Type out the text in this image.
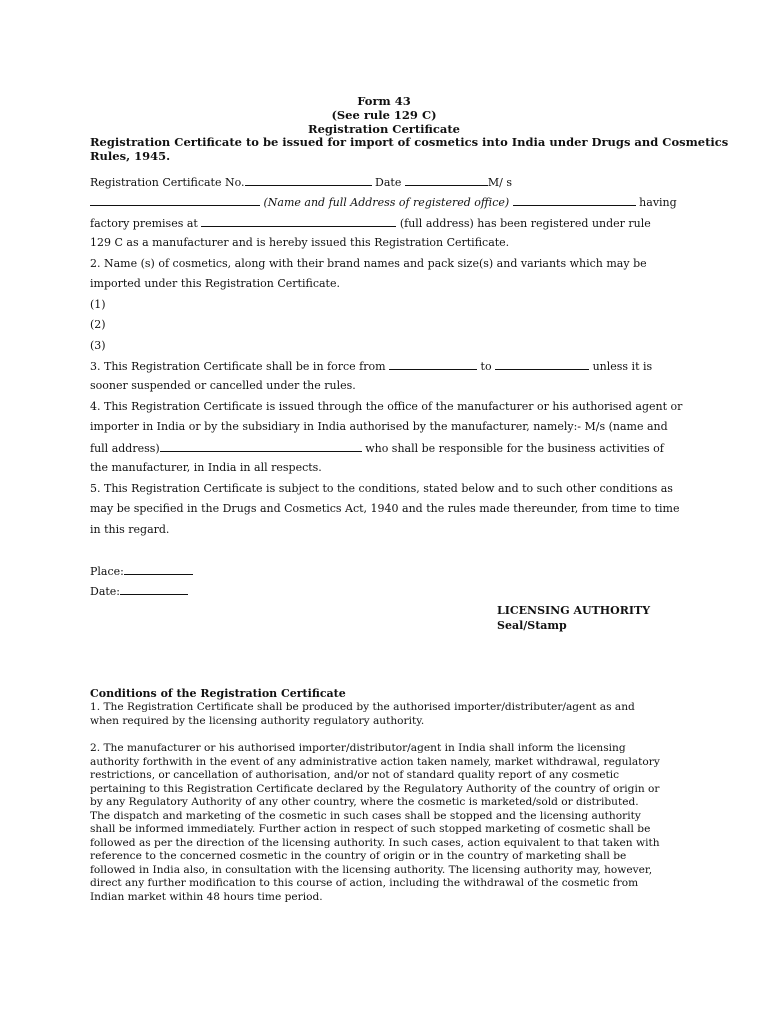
Form 43
(See rule 129 C)
Registration Certificate
Registration Certificate to be issued for import of cosmetics into India under Drugs and Cosmetics
Rules, 1945.
Registration Certificate No.	Date	M/ s
(Name and full Address of registered office)	having
factory premises at	(full address) has been registered under rule
129 C as a manufacturer and is hereby issued this Registration Certificate.
2. Name (s) of cosmetics, along with their brand names and pack size(s) and variants which may be
imported under this Registration Certificate.
(1)
(2)
(3)
3. This Registration Certificate shall be in force from	to	unless it is
sooner suspended or cancelled under the rules.
4. This Registration Certificate is issued through the office of the manufacturer or his authorised agent or
importer in India or by the subsidiary in India authorised by the manufacturer, namely:- M/s (name and
full address)	who shall be responsible for the business activities of
the manufacturer, in India in all respects.
5. This Registration Certificate is subject to the conditions, stated below and to such other conditions as
may be specified in the Drugs and Cosmetics Act, 1940 and the rules made thereunder, from time to time
in this regard.
Place:
Date:
LICENSING AUTHORITY
Seal/Stamp
Conditions of the Registration Certificate

1. The Registration Certificate shall be produced by the authorised importer/distributer/agent as and

when required by the licensing authority regulatory authority.

2. The manufacturer or his authorised importer/distributor/agent in India shall inform the licensing

authority forthwith in the event of any administrative action taken namely, market withdrawal, regulatory

restrictions, or cancellation of authorisation, and/or not of standard quality report of any cosmetic

pertaining to this Registration Certificate declared by the Regulatory Authority of the country of origin or

by any Regulatory Authority of any other country, where the cosmetic is marketed/sold or distributed.

The dispatch and marketing of the cosmetic in such cases shall be stopped and the licensing authority

shall be informed immediately. Further action in respect of such stopped marketing of cosmetic shall be

followed as per the direction of the licensing authority. In such cases, action equivalent to that taken with

reference to the concerned cosmetic in the country of origin or in the country of marketing shall be

followed in India also, in consultation with the licensing authority. The licensing authority may, however,

direct any further modification to this course of action, including the withdrawal of the cosmetic from

Indian market within 48 hours time period.
